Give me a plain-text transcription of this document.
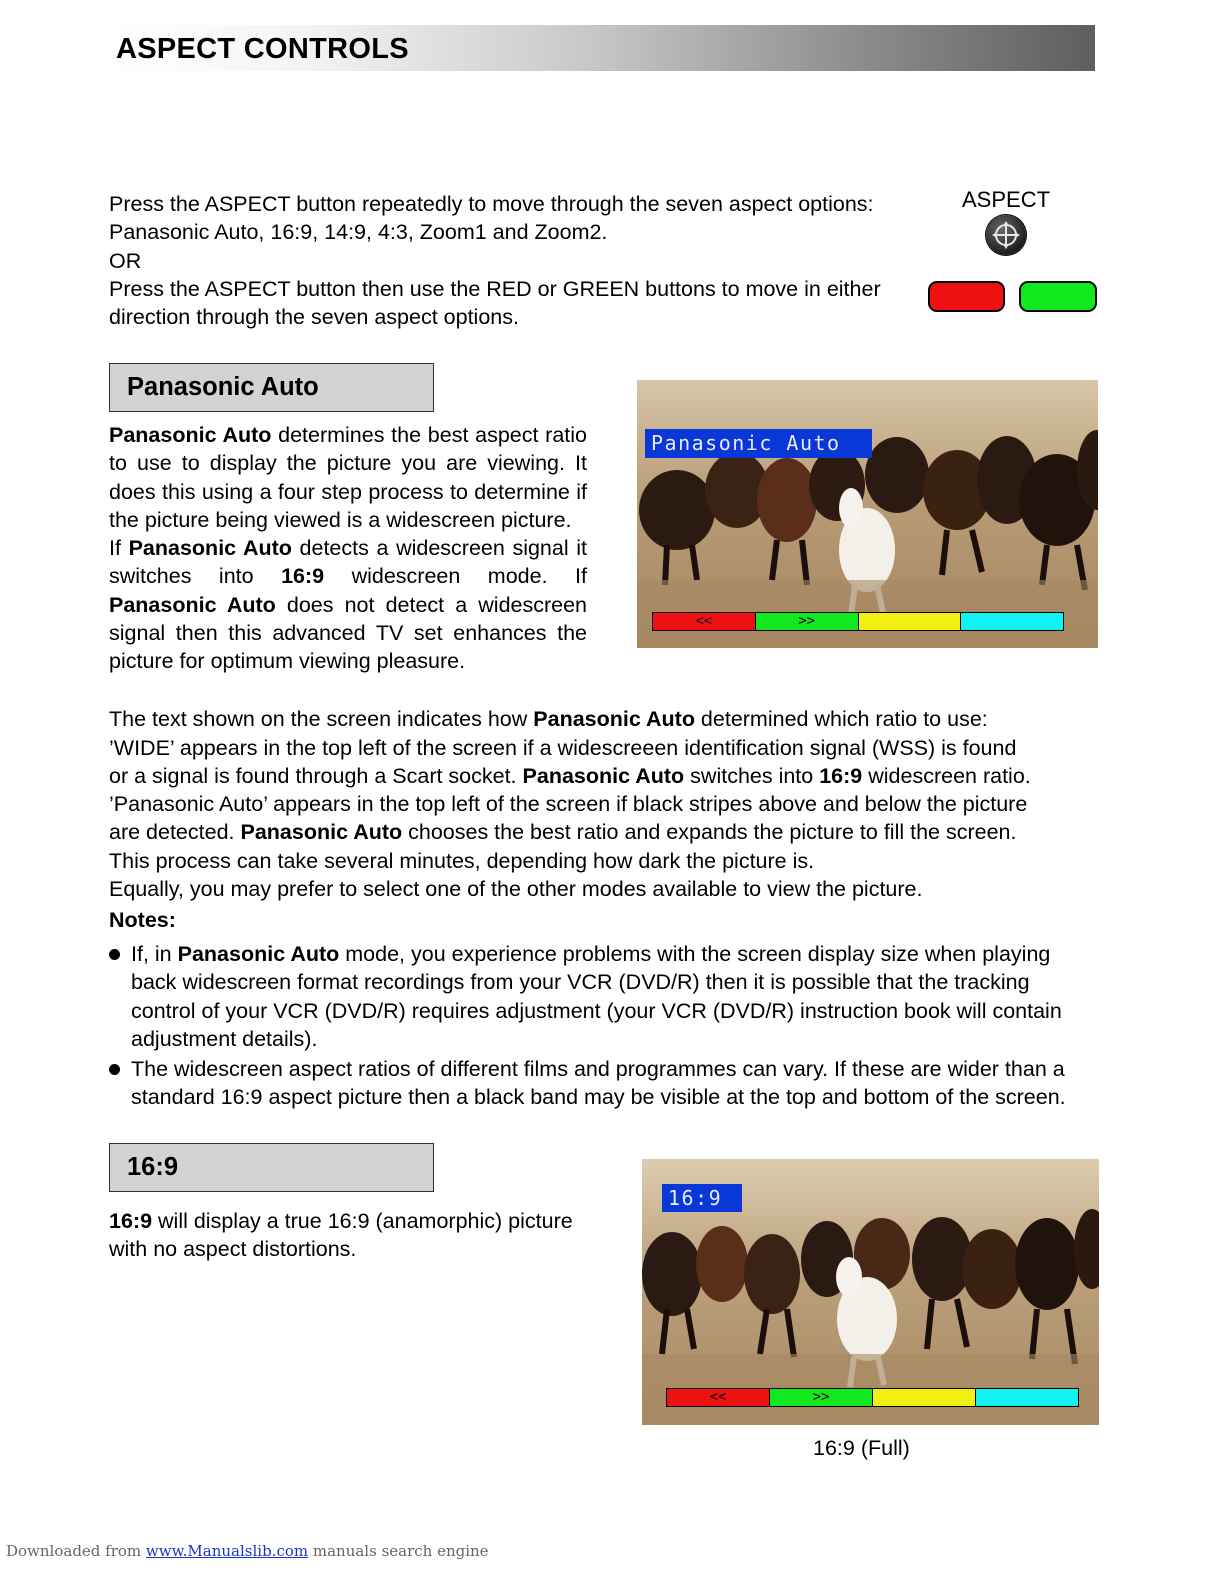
ASPECT CONTROLS
Press the ASPECT button repeatedly to move through the seven aspect options:
Panasonic Auto, 16:9, 14:9, 4:3, Zoom1 and Zoom2.
OR
Press the ASPECT button then use the RED or GREEN buttons to move in either
direction through the seven aspect options.
ASPECT
Panasonic Auto
Panasonic Auto determines the best aspect ratio to use to display the picture you are viewing. It does this using a four step process to determine if the picture being viewed is a widescreen picture.
If Panasonic Auto detects a widescreen signal it switches into 16:9 widescreen mode. If Panasonic Auto does not detect a widescreen signal then this advanced TV set enhances the picture for optimum viewing pleasure.
Panasonic Auto
<<	>>
The text shown on the screen indicates how Panasonic Auto determined which ratio to use:
’WIDE’ appears in the top left of the screen if a widescreeen identification signal (WSS) is found
or a signal is found through a Scart socket. Panasonic Auto switches into 16:9 widescreen ratio.
’Panasonic Auto’ appears in the top left of the screen if black stripes above and below the picture
are detected. Panasonic Auto chooses the best ratio and expands the picture to fill the screen.
This process can take several minutes, depending how dark the picture is.
Equally, you may prefer to select one of the other modes available to view the picture.
Notes:
If, in Panasonic Auto mode, you experience problems with the screen display size when playing
back widescreen format recordings from your VCR (DVD/R) then it is possible that the tracking
control of your VCR (DVD/R) requires adjustment (your VCR (DVD/R) instruction book will contain
adjustment details).
The widescreen aspect ratios of different films and programmes can vary. If these are wider than a
standard 16:9 aspect picture then a black band may be visible at the top and bottom of the screen.
16:9
16:9 will display a true 16:9 (anamorphic) picture with no aspect distortions.
16:9
<<	>>
16:9 (Full)
Downloaded from www.Manualslib.com manuals search engine
